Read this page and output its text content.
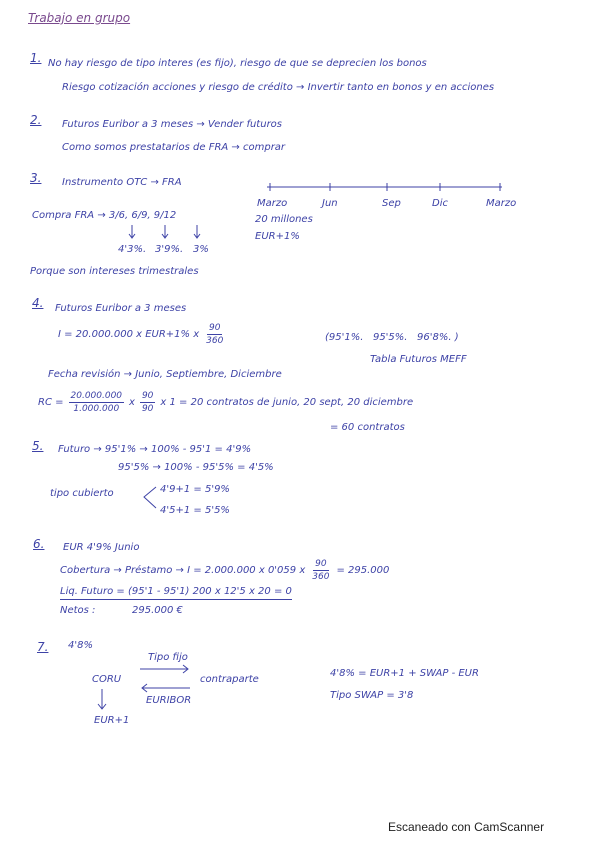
Trabajo en grupo
1. No hay riesgo de tipo interes (es fijo), riesgo de que se deprecien los bonos
Riesgo cotización acciones y riesgo de crédito → Invertir tanto en bonos y en acciones
2. Futuros Euribor a 3 meses → Vender futuros
Como somos prestatarios de FRA → comprar
3. Instrumento OTC → FRA
Marzo	Jun	Sep	Dic	Marzo
20 millones
EUR+1%
Compra FRA → 3/6, 6/9, 9/12
4'3%. 3'9%. 3%
Porque son intereses trimestrales
4. Futuros Euribor a 3 meses
I = 20.000.000 x EUR+1% x $\frac{90}{360}$	(95'1%.   95'5%.   96'8%. )
Tabla Futuros MEFF
Fecha revisión → Junio, Septiembre, Diciembre
RC = $\frac{20.000.000}{1.000.000}$ x $\frac{90}{90}$ x 1 = 20 contratos de junio, 20 sept, 20 diciembre
= 60 contratos
5. Futuro → 95'1% → 100% - 95'1 = 4'9%
95'5% → 100% - 95'5% = 4'5%
tipo cubierto	4'9+1 = 5'9%
4'5+1 = 5'5%
6. EUR 4'9% Junio
Cobertura → Préstamo → I = 2.000.000 x 0'059 x $\frac{90}{360} = 295.000$
Liq. Futuro = (95'1 - 95'1) 200 x 12'5 x 20 = 0
Netos :	295.000 €
7. 4'8%
Tipo fijo
CORU	contraparte
EURIBOR
EUR+1
4'8% = EUR+1 + SWAP - EUR
Tipo SWAP = 3'8
Escaneado con CamScanner
